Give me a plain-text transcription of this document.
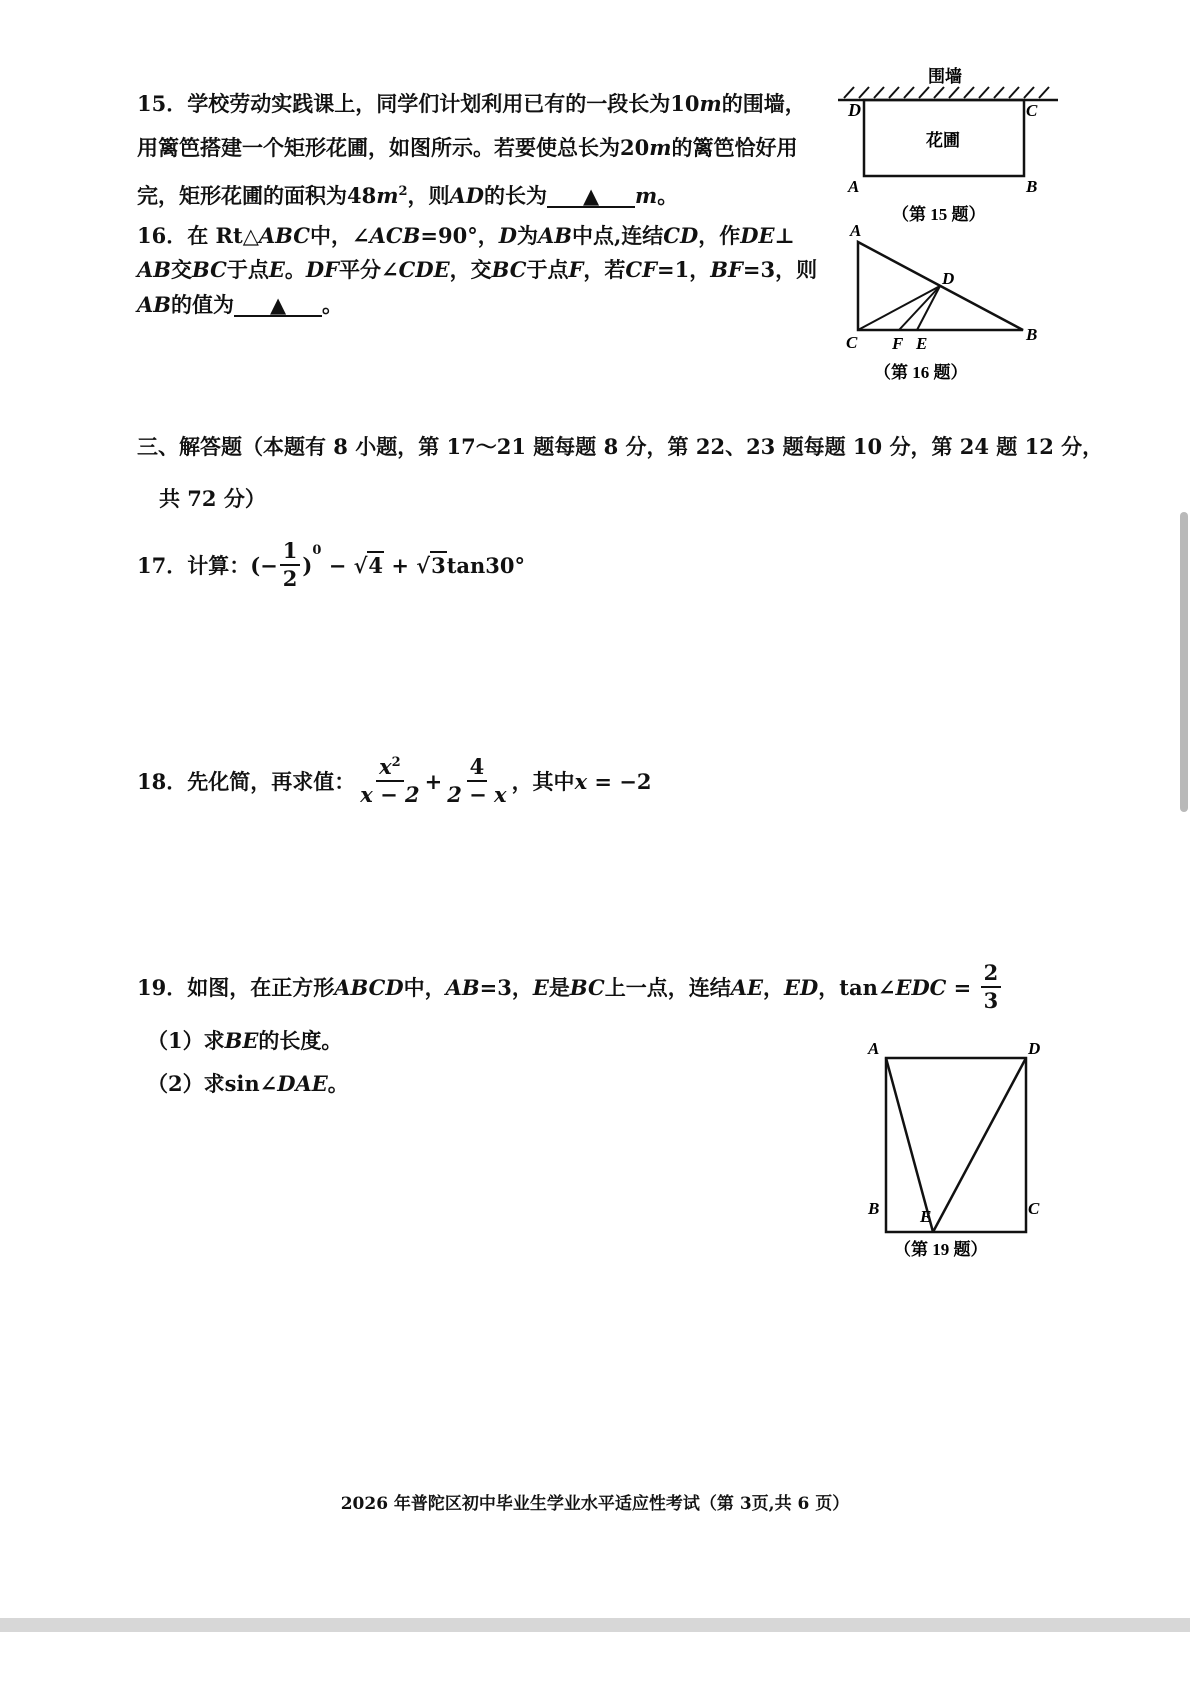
15．学校劳动实践课上，同学们计划利用已有的一段长为10m的围墙，
用篱笆搭建一个矩形花圃，如图所示。若要使总长为20m的篱笆恰好用
完，矩形花圃的面积为$48m^2$，则AD的长为 ▲ m。
围墙
花圃
D	C
A	B
（第 15 题）
16．在 Rt△ABC中，∠ACB=90°，D为AB中点,连结CD，作DE⊥
AB交BC于点E。DF平分∠CDE，交BC于点F，若CF=1，BF=3，则
AB的值为 ▲ 。
A
D
B
C F E
（第 16 题）
三、解答题（本题有 8 小题，第 17～21 题每题 8 分，第 22、23 题每题 10 分，第 24 题 12 分，
共 72 分）
17．计算： (− $\frac{1}{2}$ )
$^0$
− √4 + √3 tan30°
18．先化简，再求值： $\frac{x^2}{x - 2} + \frac{4}{2 - x}$ ，其中 x = −2
19．如图，在正方形 ABCD 中， AB =3， E 是 BC 上一点，连结 AE ， ED ，tan∠ EDC = $\frac{2}{3}$
（1）求BE的长度。
（2）求sin∠DAE。
A	D
B	C
E
（第 19 题）
2026 年普陀区初中毕业生学业水平适应性考试（第 3页,共 6 页）
